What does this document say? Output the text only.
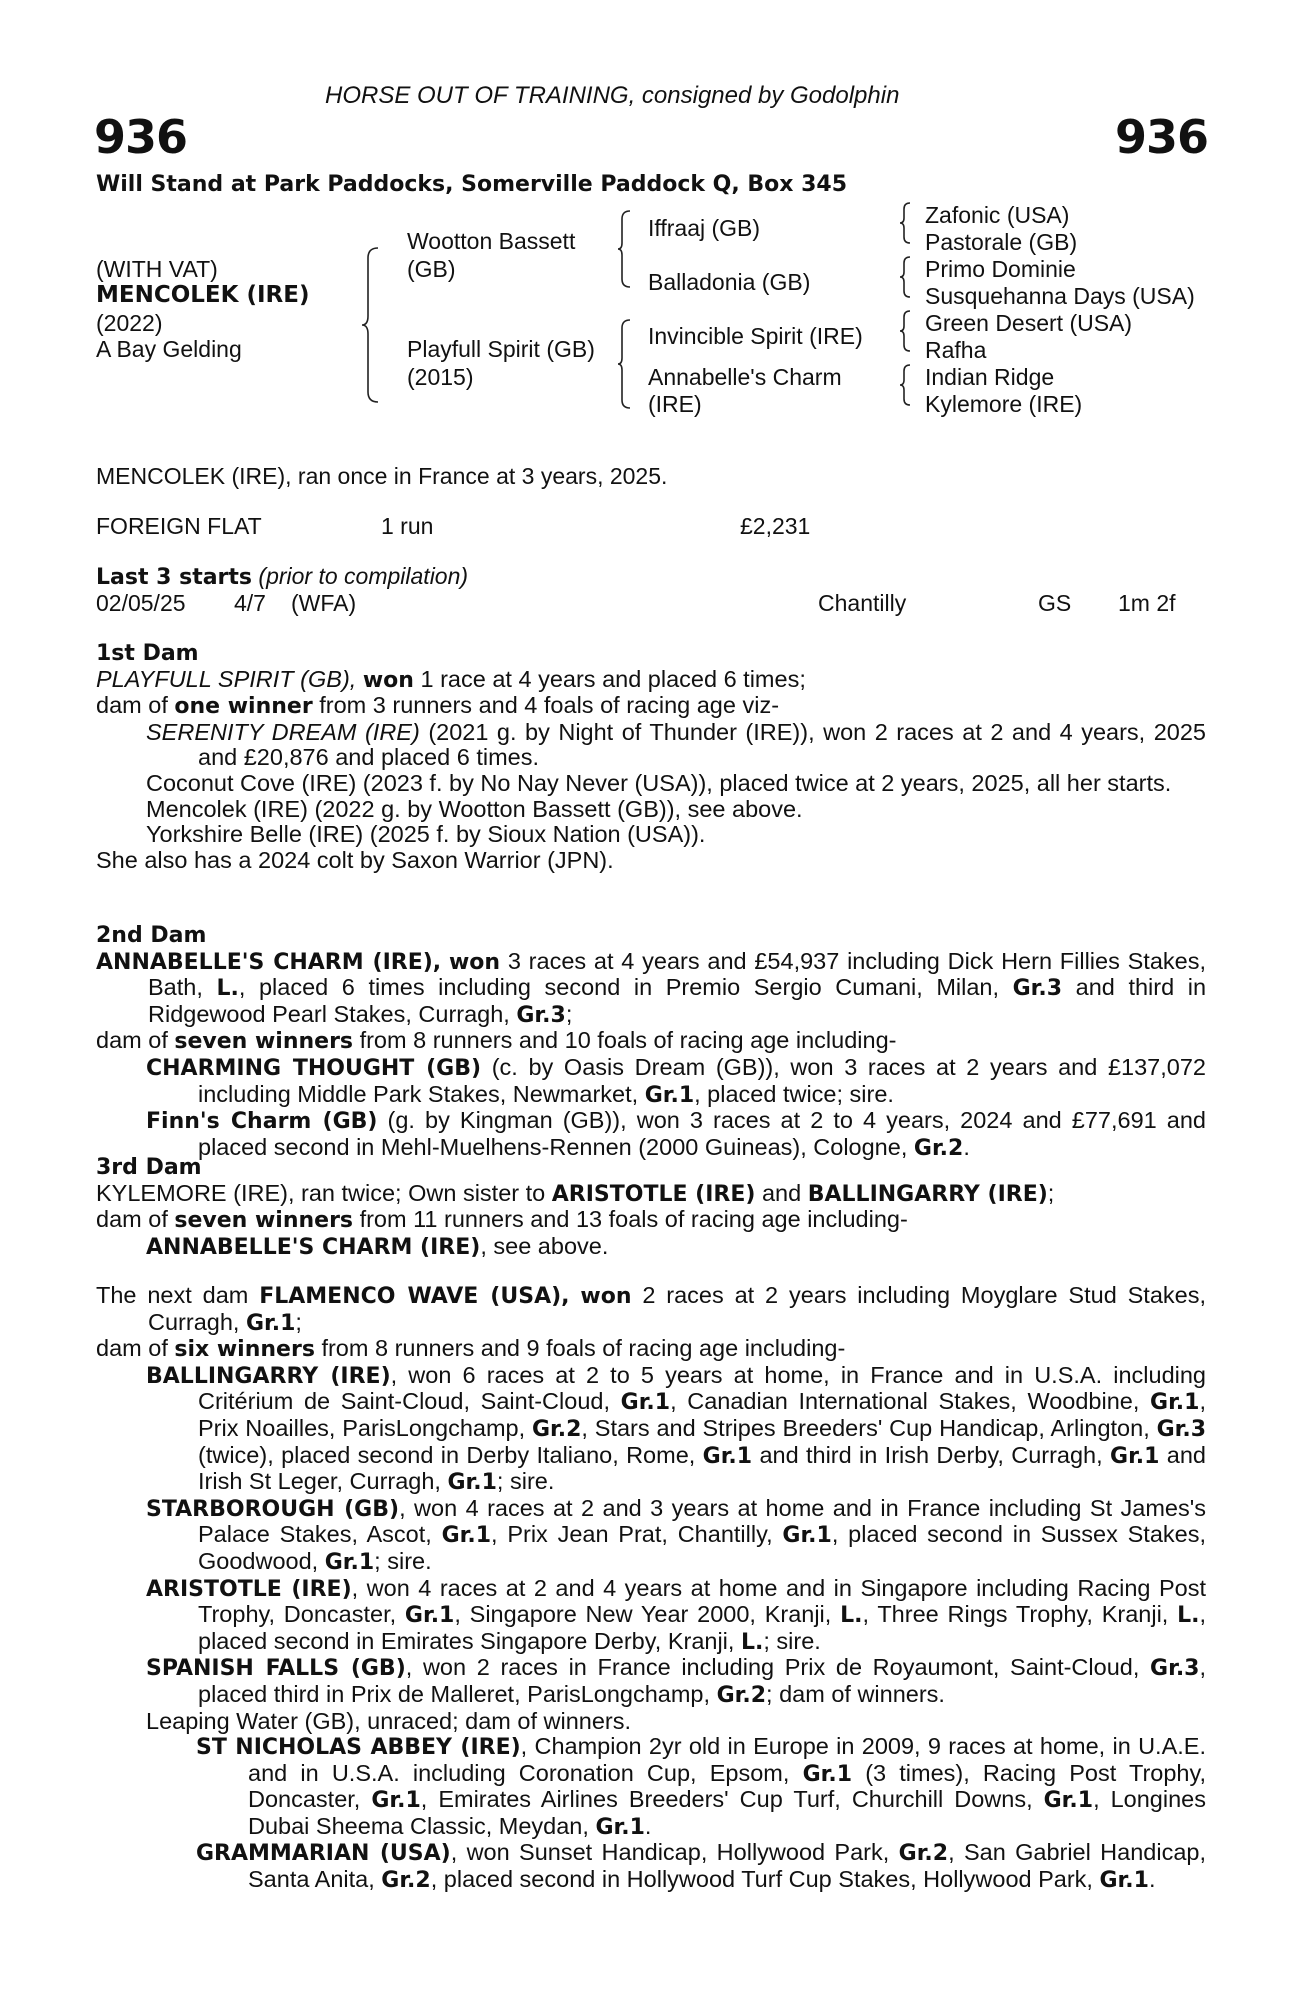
HORSE OUT OF TRAINING, consigned by Godolphin
936	936
Will Stand at Park Paddocks, Somerville Paddock Q, Box 345
(WITH VAT)
MENCOLEK (IRE)
(2022)
A Bay Gelding
Wootton Bassett
(GB)
Playfull Spirit (GB)
(2015)
Iffraaj (GB)
Balladonia (GB)
Invincible Spirit (IRE)
Annabelle's Charm
(IRE)
Zafonic (USA)
Pastorale (GB)
Primo Dominie
Susquehanna Days (USA)
Green Desert (USA)
Rafha
Indian Ridge
Kylemore (IRE)
MENCOLEK (IRE), ran once in France at 3 years, 2025.
FOREIGN FLAT	1 run	£2,231
Last 3 starts (prior to compilation)
02/05/25 4/7 (WFA)	Chantilly	GS 1m 2f

1st Dam

PLAYFULL SPIRIT (GB), won 1 race at 4 years and placed 6 times;

dam of one winner from 3 runners and 4 foals of racing age viz-

SERENITY DREAM (IRE) (2021 g. by Night of Thunder (IRE)), won 2 races at 2 and 4 years, 2025 and £20,876 and placed 6 times.

Coconut Cove (IRE) (2023 f. by No Nay Never (USA)), placed twice at 2 years, 2025, all her starts.

Mencolek (IRE) (2022 g. by Wootton Bassett (GB)), see above.

Yorkshire Belle (IRE) (2025 f. by Sioux Nation (USA)).

She also has a 2024 colt by Saxon Warrior (JPN).

2nd Dam

ANNABELLE'S CHARM (IRE), won 3 races at 4 years and £54,937 including Dick Hern Fillies Stakes, Bath, L., placed 6 times including second in Premio Sergio Cumani, Milan, Gr.3 and third in Ridgewood Pearl Stakes, Curragh, Gr.3;

dam of seven winners from 8 runners and 10 foals of racing age including-

CHARMING THOUGHT (GB) (c. by Oasis Dream (GB)), won 3 races at 2 years and £137,072 including Middle Park Stakes, Newmarket, Gr.1, placed twice; sire.

Finn's Charm (GB) (g. by Kingman (GB)), won 3 races at 2 to 4 years, 2024 and £77,691 and placed second in Mehl-Muelhens-Rennen (2000 Guineas), Cologne, Gr.2.

3rd Dam

KYLEMORE (IRE), ran twice; Own sister to ARISTOTLE (IRE) and BALLINGARRY (IRE);

dam of seven winners from 11 runners and 13 foals of racing age including-

ANNABELLE'S CHARM (IRE), see above.

The next dam FLAMENCO WAVE (USA), won 2 races at 2 years including Moyglare Stud Stakes, Curragh, Gr.1;

dam of six winners from 8 runners and 9 foals of racing age including-

BALLINGARRY (IRE), won 6 races at 2 to 5 years at home, in France and in U.S.A. including Critérium de Saint-Cloud, Saint-Cloud, Gr.1, Canadian International Stakes, Woodbine, Gr.1, Prix Noailles, ParisLongchamp, Gr.2, Stars and Stripes Breeders' Cup Handicap, Arlington, Gr.3 (twice), placed second in Derby Italiano, Rome, Gr.1 and third in Irish Derby, Curragh, Gr.1 and Irish St Leger, Curragh, Gr.1; sire.

STARBOROUGH (GB), won 4 races at 2 and 3 years at home and in France including St James's Palace Stakes, Ascot, Gr.1, Prix Jean Prat, Chantilly, Gr.1, placed second in Sussex Stakes, Goodwood, Gr.1; sire.

ARISTOTLE (IRE), won 4 races at 2 and 4 years at home and in Singapore including Racing Post Trophy, Doncaster, Gr.1, Singapore New Year 2000, Kranji, L., Three Rings Trophy, Kranji, L., placed second in Emirates Singapore Derby, Kranji, L.; sire.

SPANISH FALLS (GB), won 2 races in France including Prix de Royaumont, Saint-Cloud, Gr.3, placed third in Prix de Malleret, ParisLongchamp, Gr.2; dam of winners.

Leaping Water (GB), unraced; dam of winners.

ST NICHOLAS ABBEY (IRE), Champion 2yr old in Europe in 2009, 9 races at home, in U.A.E. and in U.S.A. including Coronation Cup, Epsom, Gr.1 (3 times), Racing Post Trophy, Doncaster, Gr.1, Emirates Airlines Breeders' Cup Turf, Churchill Downs, Gr.1, Longines Dubai Sheema Classic, Meydan, Gr.1.

GRAMMARIAN (USA), won Sunset Handicap, Hollywood Park, Gr.2, San Gabriel Handicap, Santa Anita, Gr.2, placed second in Hollywood Turf Cup Stakes, Hollywood Park, Gr.1.
